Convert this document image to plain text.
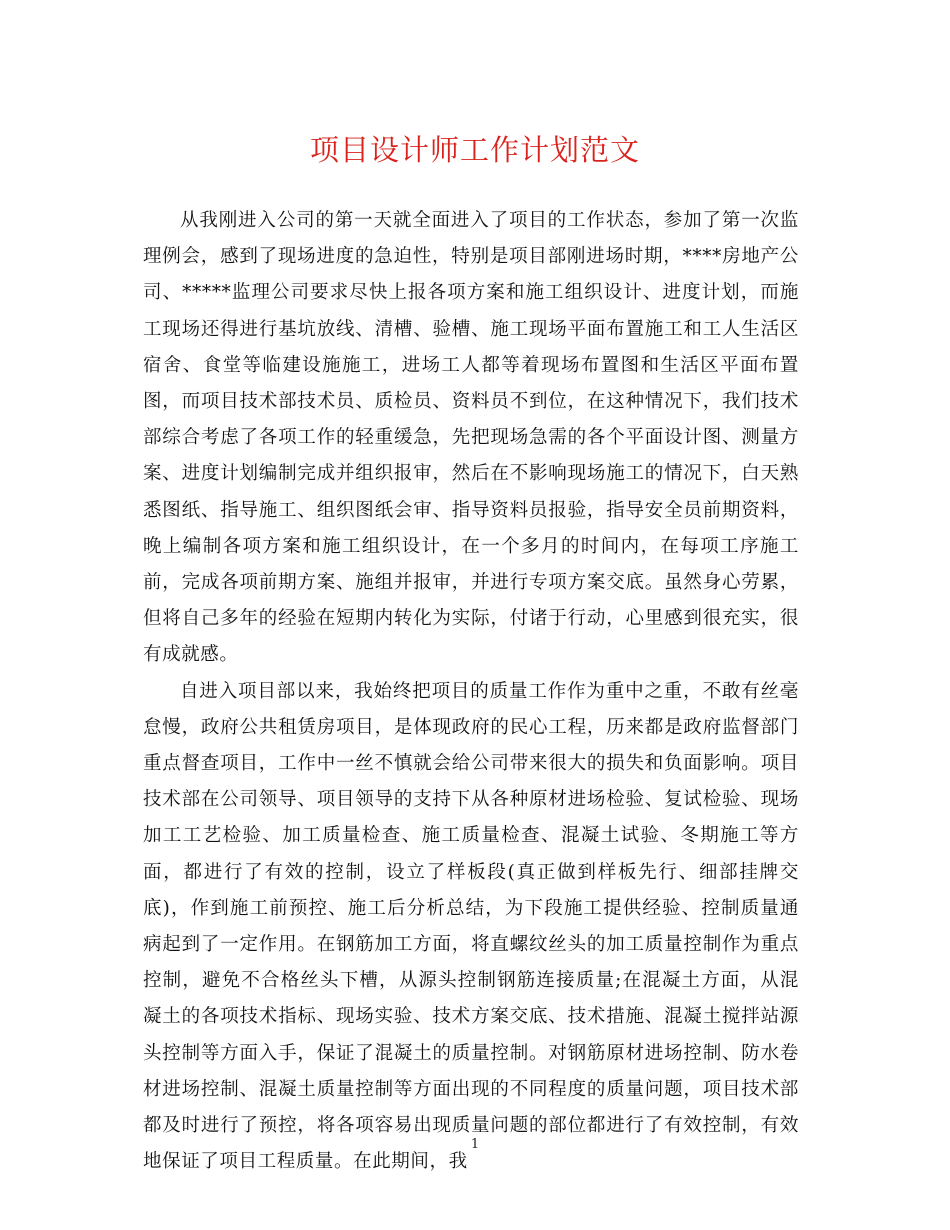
项目设计师工作计划范文

从我刚进入公司的第一天就全面进入了项目的工作状态，参加了第一次监理例会，感到了现场进度的急迫性，特别是项目部刚进场时期，****房地产公司、*****监理公司要求尽快上报各项方案和施工组织设计、进度计划，而施工现场还得进行基坑放线、清槽、验槽、施工现场平面布置施工和工人生活区宿舍、食堂等临建设施施工，进场工人都等着现场布置图和生活区平面布置图，而项目技术部技术员、质检员、资料员不到位，在这种情况下，我们技术部综合考虑了各项工作的轻重缓急，先把现场急需的各个平面设计图、测量方案、进度计划编制完成并组织报审，然后在不影响现场施工的情况下，白天熟悉图纸、指导施工、组织图纸会审、指导资料员报验，指导安全员前期资料，晚上编制各项方案和施工组织设计，在一个多月的时间内，在每项工序施工前，完成各项前期方案、施组并报审，并进行专项方案交底。虽然身心劳累，但将自己多年的经验在短期内转化为实际，付诸于行动，心里感到很充实，很有成就感。

自进入项目部以来，我始终把项目的质量工作作为重中之重，不敢有丝毫怠慢，政府公共租赁房项目，是体现政府的民心工程，历来都是政府监督部门重点督查项目，工作中一丝不慎就会给公司带来很大的损失和负面影响。项目技术部在公司领导、项目领导的支持下从各种原材进场检验、复试检验、现场加工工艺检验、加工质量检查、施工质量检查、混凝土试验、冬期施工等方面，都进行了有效的控制，设立了样板段(真正做到样板先行、细部挂牌交底)，作到施工前预控、施工后分析总结，为下段施工提供经验、控制质量通病起到了一定作用。在钢筋加工方面，将直螺纹丝头的加工质量控制作为重点控制，避免不合格丝头下槽，从源头控制钢筋连接质量;在混凝土方面，从混凝土的各项技术指标、现场实验、技术方案交底、技术措施、混凝土搅拌站源头控制等方面入手，保证了混凝土的质量控制。对钢筋原材进场控制、防水卷材进场控制、混凝土质量控制等方面出现的不同程度的质量问题，项目技术部都及时进行了预控，将各项容易出现质量问题的部位都进行了有效控制，有效地保证了项目工程质量。在此期间，我

1
